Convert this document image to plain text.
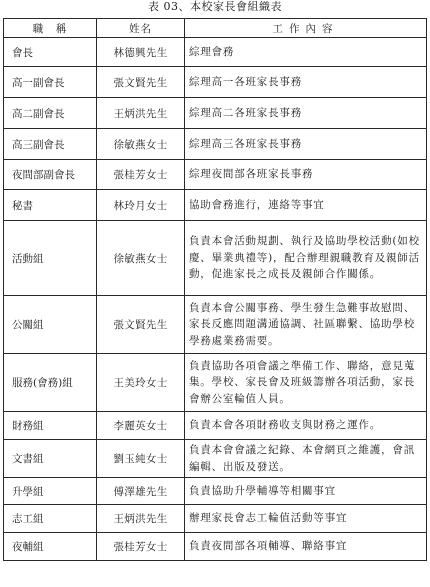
表 03、本校家長會組織表
職　稱	姓名	工作內容
會長	林德興先生	綜理會務
高一副會長	張文賢先生	綜理高一各班家長事務
高二副會長	王炳洪先生	綜理高二各班家長事務
高三副會長	徐敏燕女士	綜理高三各班家長事務
夜間部副會長	張桂芳女士	綜理夜間部各班家長事務
秘書	林玲月女士	協助會務進行，連絡等事宜
活動組	徐敏燕女士	負責本會活動規劃、執行及協助學校活動(如校慶、畢業典禮等)，配合辦理親職教育及親師活動，促進家長之成長及親師合作關係。
公關組	張文賢先生	負責本會公關事務、學生發生急難事故慰問、家長反應問題溝通協調、社區聯繫、協助學校學務處業務需要。
服務(會務)組	王美玲女士	負責協助各項會議之準備工作、聯絡，意見蒐集。學校、家長會及班級籌辦各項活動，家長會辦公室輪值人員。
財務組	李麗英女士	負責本會各項財務收支與財務之運作。
文書組	劉玉純女士	負責本會會議之紀錄、本會網頁之維護，會訊編輯、出版及發送。
升學組	傅澤雄先生	負責協助升學輔導等相關事宜
志工組	王炳洪先生	辦理家長會志工輪值活動等事宜
夜輔組	張桂芳女士	負責夜間部各項輔導、聯絡事宜
